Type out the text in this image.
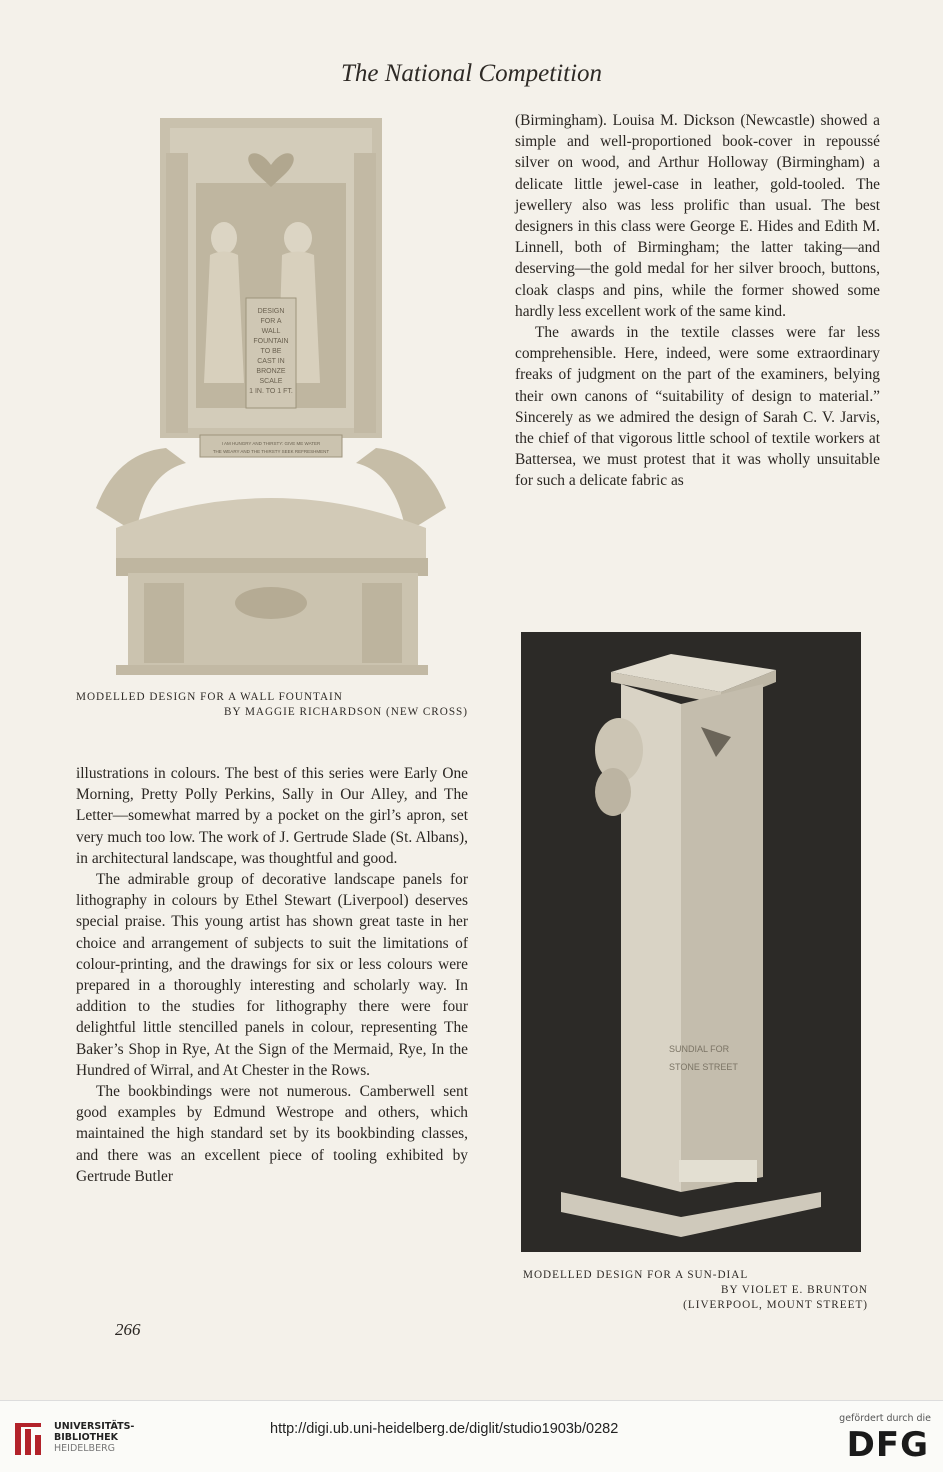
The National Competition
DESIGN
FOR A
WALL
FOUNTAIN
TO BE
CAST IN
BRONZE
SCALE
1 IN. TO 1 FT.
I AM HUNGRY AND THIRSTY: GIVE ME WATER
THE WEARY AND THE THIRSTY SEEK REFRESHMENT
MODELLED DESIGN FOR A WALL FOUNTAIN
BY MAGGIE RICHARDSON (NEW CROSS)

(Birmingham). Louisa M. Dickson (Newcastle) showed a simple and well-proportioned book-cover in repoussé silver on wood, and Arthur Holloway (Birmingham) a delicate little jewel-case in leather, gold-tooled. The jewellery also was less prolific than usual. The best designers in this class were George E. Hides and Edith M. Linnell, both of Birmingham; the latter taking—and deserving—the gold medal for her silver brooch, buttons, cloak clasps and pins, while the former showed some hardly less excellent work of the same kind.

The awards in the textile classes were far less comprehensible. Here, indeed, were some extraordinary freaks of judgment on the part of the examiners, belying their own canons of “suitability of design to material.” Sincerely as we admired the design of Sarah C. V. Jarvis, the chief of that vigorous little school of textile workers at Battersea, we must protest that it was wholly unsuitable for such a delicate fabric as

SUNDIAL FOR
STONE STREET
MODELLED DESIGN FOR A SUN-DIAL
BY VIOLET E. BRUNTON
(LIVERPOOL, MOUNT STREET)

illustrations in colours. The best of this series were Early One Morning, Pretty Polly Perkins, Sally in Our Alley, and The Letter—somewhat marred by a pocket on the girl’s apron, set very much too low. The work of J. Gertrude Slade (St. Albans), in architectural landscape, was thoughtful and good.

The admirable group of decorative landscape panels for lithography in colours by Ethel Stewart (Liverpool) deserves special praise. This young artist has shown great taste in her choice and arrangement of subjects to suit the limitations of colour-printing, and the drawings for six or less colours were prepared in a thoroughly interesting and scholarly way. In addition to the studies for lithography there were four delightful little stencilled panels in colour, representing The Baker’s Shop in Rye, At the Sign of the Mermaid, Rye, In the Hundred of Wirral, and At Chester in the Rows.

The bookbindings were not numerous. Camberwell sent good examples by Edmund Westrope and others, which maintained the high standard set by its bookbinding classes, and there was an excellent piece of tooling exhibited by Gertrude Butler

266
UNIVERSITÄTS-
BIBLIOTHEK
HEIDELBERG
http://digi.ub.uni-heidelberg.de/diglit/studio1903b/0282
gefördert durch die
DFG
